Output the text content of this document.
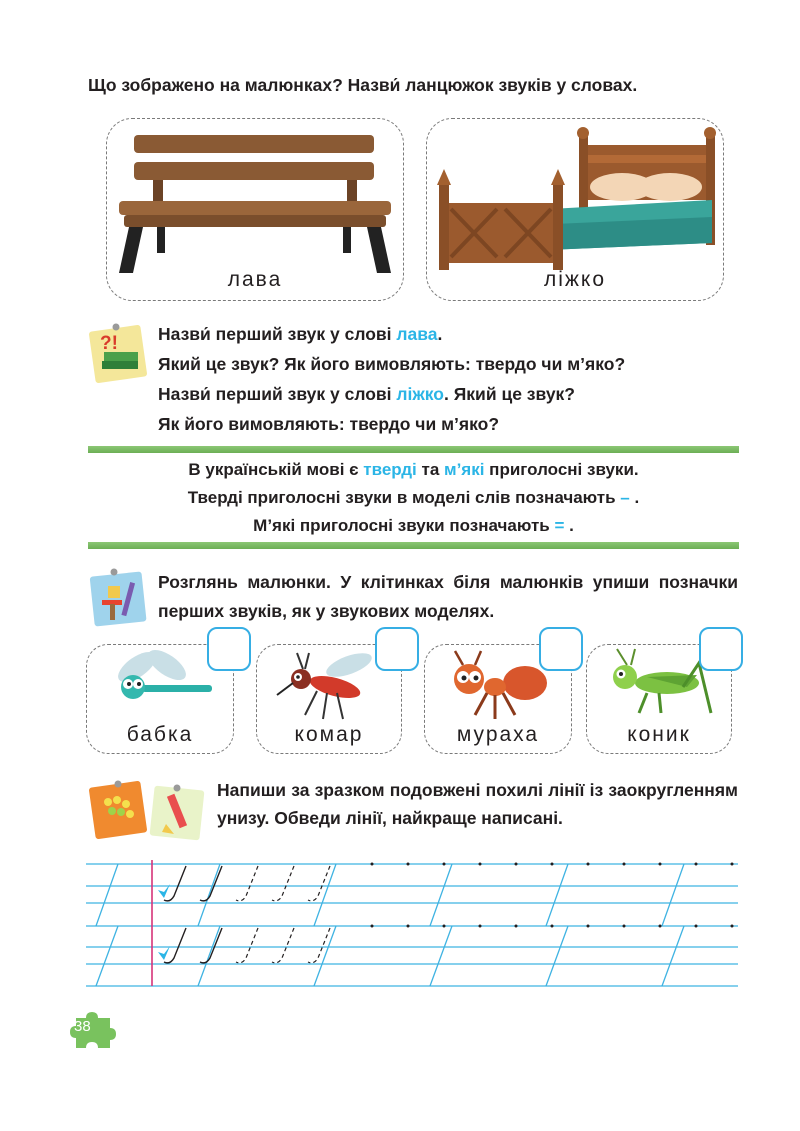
Що зображено на малюнках? Назви́ ланцюжок звуків у словах.
лава	ліжко
?! Назви́ перший звук у слові лава.
Який це звук? Як його вимовляють: твердо чи м’яко?
Назви́ перший звук у слові ліжко. Який це звук?
Як його вимовляють: твердо чи м’яко?
В українській мові є тверді та м’які приголосні звуки.
Тверді приголосні звуки в моделі слів позначають – .
М’які приголосні звуки позначають = .
Розглянь малюнки. У клітинках біля малюнків упиши позначки перших звуків, як у звукових моделях.
бабка	комар	мураха	коник
Напиши за зразком подовжені похилі лінії із заокругленням унизу. Обведи лінії, найкраще написані.
38
